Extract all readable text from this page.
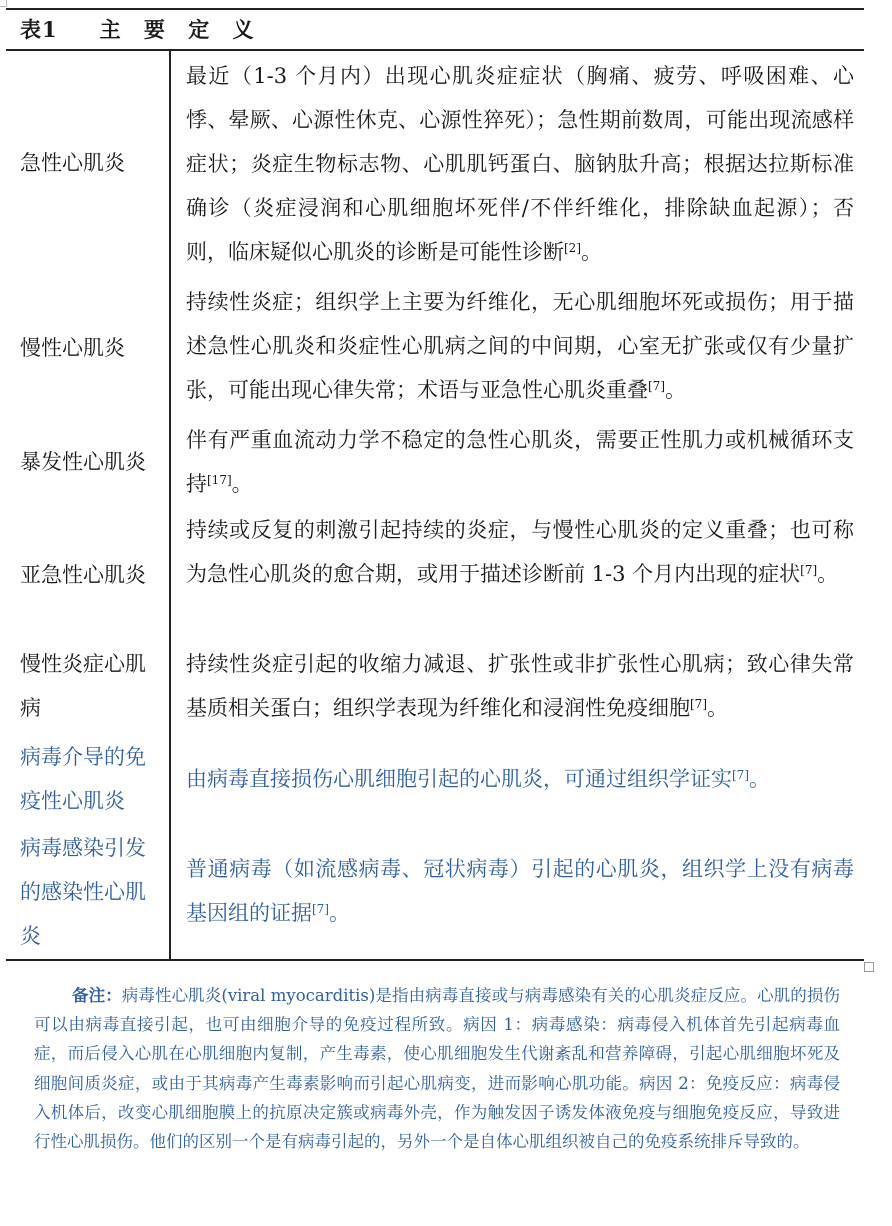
表1 主 要 定 义
急性心肌炎
最近（1-3 个月内）出现心肌炎症症状（胸痛、疲劳、呼吸困难、心悸、晕厥、心源性休克、心源性猝死）；急性期前数周，可能出现流感样症状；炎症生物标志物、心肌肌钙蛋白、脑钠肽升高；根据达拉斯标准确诊（炎症浸润和心肌细胞坏死伴/不伴纤维化，排除缺血起源）；否则，临床疑似心肌炎的诊断是可能性诊断[2]。
慢性心肌炎
持续性炎症；组织学上主要为纤维化，无心肌细胞坏死或损伤；用于描述急性心肌炎和炎症性心肌病之间的中间期，心室无扩张或仅有少量扩张，可能出现心律失常；术语与亚急性心肌炎重叠[7]。
暴发性心肌炎
伴有严重血流动力学不稳定的急性心肌炎，需要正性肌力或机械循环支持[17]。
亚急性心肌炎
持续或反复的刺激引起持续的炎症，与慢性心肌炎的定义重叠；也可称为急性心肌炎的愈合期，或用于描述诊断前 1-3 个月内出现的症状[7]。
慢性炎症心肌病
持续性炎症引起的收缩力减退、扩张性或非扩张性心肌病；致心律失常基质相关蛋白；组织学表现为纤维化和浸润性免疫细胞[7]。
病毒介导的免疫性心肌炎
由病毒直接损伤心肌细胞引起的心肌炎，可通过组织学证实[7]。
病毒感染引发的感染性心肌炎
普通病毒（如流感病毒、冠状病毒）引起的心肌炎，组织学上没有病毒基因组的证据[7]。
备注：病毒性心肌炎(viral myocarditis)是指由病毒直接或与病毒感染有关的心肌炎症反应。心肌的损伤可以由病毒直接引起，也可由细胞介导的免疫过程所致。病因 1：病毒感染：病毒侵入机体首先引起病毒血症，而后侵入心肌在心肌细胞内复制，产生毒素，使心肌细胞发生代谢紊乱和营养障碍，引起心肌细胞坏死及细胞间质炎症，或由于其病毒产生毒素影响而引起心肌病变，进而影响心肌功能。病因 2：免疫反应：病毒侵入机体后，改变心肌细胞膜上的抗原决定簇或病毒外壳，作为触发因子诱发体液免疫与细胞免疫反应，导致进行性心肌损伤。他们的区别一个是有病毒引起的，另外一个是自体心肌组织被自己的免疫系统排斥导致的。
